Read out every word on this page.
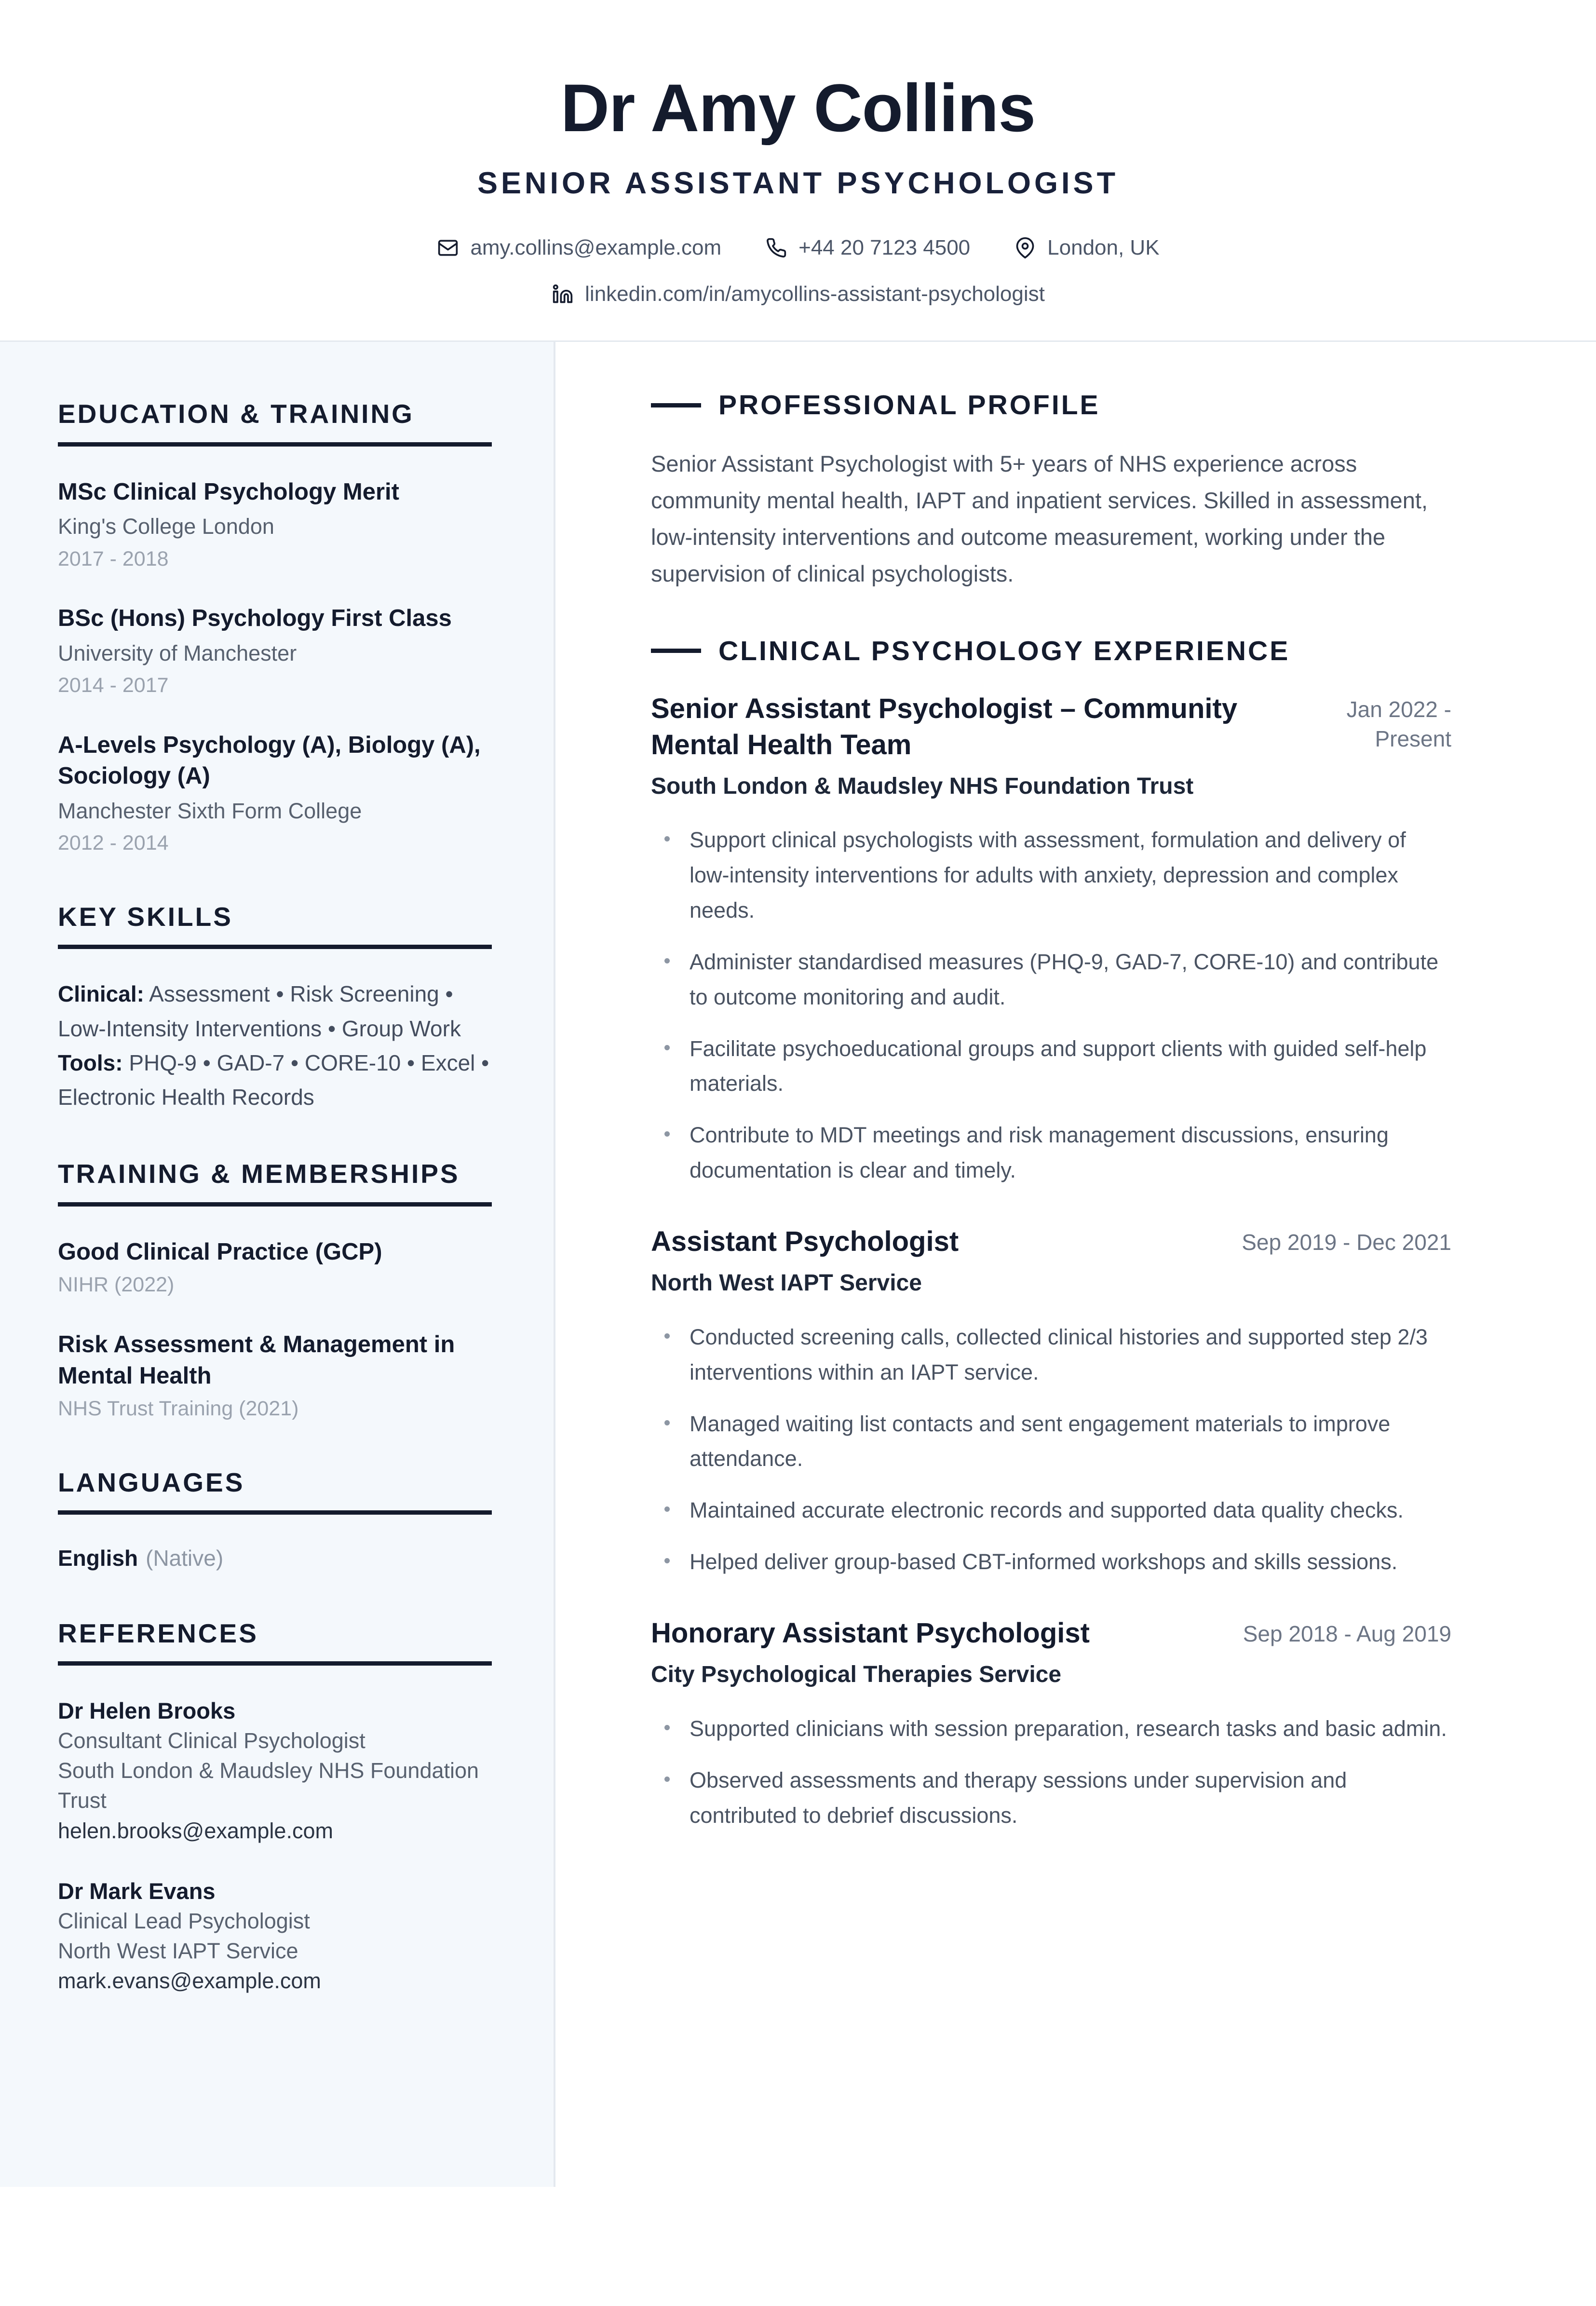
Dr Amy Collins
SENIOR ASSISTANT PSYCHOLOGIST
amy.collins@example.com	+44 20 7123 4500	London, UK
linkedin.com/in/amycollins-assistant-psychologist
EDUCATION & TRAINING
MSc Clinical Psychology Merit
King's College London
2017 - 2018
BSc (Hons) Psychology First Class
University of Manchester
2014 - 2017
A-Levels Psychology (A), Biology (A), Sociology (A)
Manchester Sixth Form College
2012 - 2014
KEY SKILLS
Clinical: Assessment • Risk Screening • Low-Intensity Interventions • Group Work
Tools: PHQ-9 • GAD-7 • CORE-10 • Excel • Electronic Health Records
TRAINING & MEMBERSHIPS
Good Clinical Practice (GCP)
NIHR (2022)
Risk Assessment & Management in Mental Health
NHS Trust Training (2021)
LANGUAGES
English (Native)
REFERENCES
Dr Helen Brooks
Consultant Clinical Psychologist
South London & Maudsley NHS Foundation Trust
helen.brooks@example.com
Dr Mark Evans
Clinical Lead Psychologist
North West IAPT Service
mark.evans@example.com
PROFESSIONAL PROFILE

Senior Assistant Psychologist with 5+ years of NHS experience across community mental health, IAPT and inpatient services. Skilled in assessment, low-intensity interventions and outcome measurement, working under the supervision of clinical psychologists.

CLINICAL PSYCHOLOGY EXPERIENCE
Senior Assistant Psychologist – Community Mental Health Team
Jan 2022 - Present
South London & Maudsley NHS Foundation Trust
Support clinical psychologists with assessment, formulation and delivery of low-intensity interventions for adults with anxiety, depression and complex needs.
Administer standardised measures (PHQ-9, GAD-7, CORE-10) and contribute to outcome monitoring and audit.
Facilitate psychoeducational groups and support clients with guided self-help materials.
Contribute to MDT meetings and risk management discussions, ensuring documentation is clear and timely.
Assistant Psychologist	Sep 2019 - Dec 2021
North West IAPT Service
Conducted screening calls, collected clinical histories and supported step 2/3 interventions within an IAPT service.
Managed waiting list contacts and sent engagement materials to improve attendance.
Maintained accurate electronic records and supported data quality checks.
Helped deliver group-based CBT-informed workshops and skills sessions.
Honorary Assistant Psychologist	Sep 2018 - Aug 2019
City Psychological Therapies Service
Supported clinicians with session preparation, research tasks and basic admin.
Observed assessments and therapy sessions under supervision and contributed to debrief discussions.
